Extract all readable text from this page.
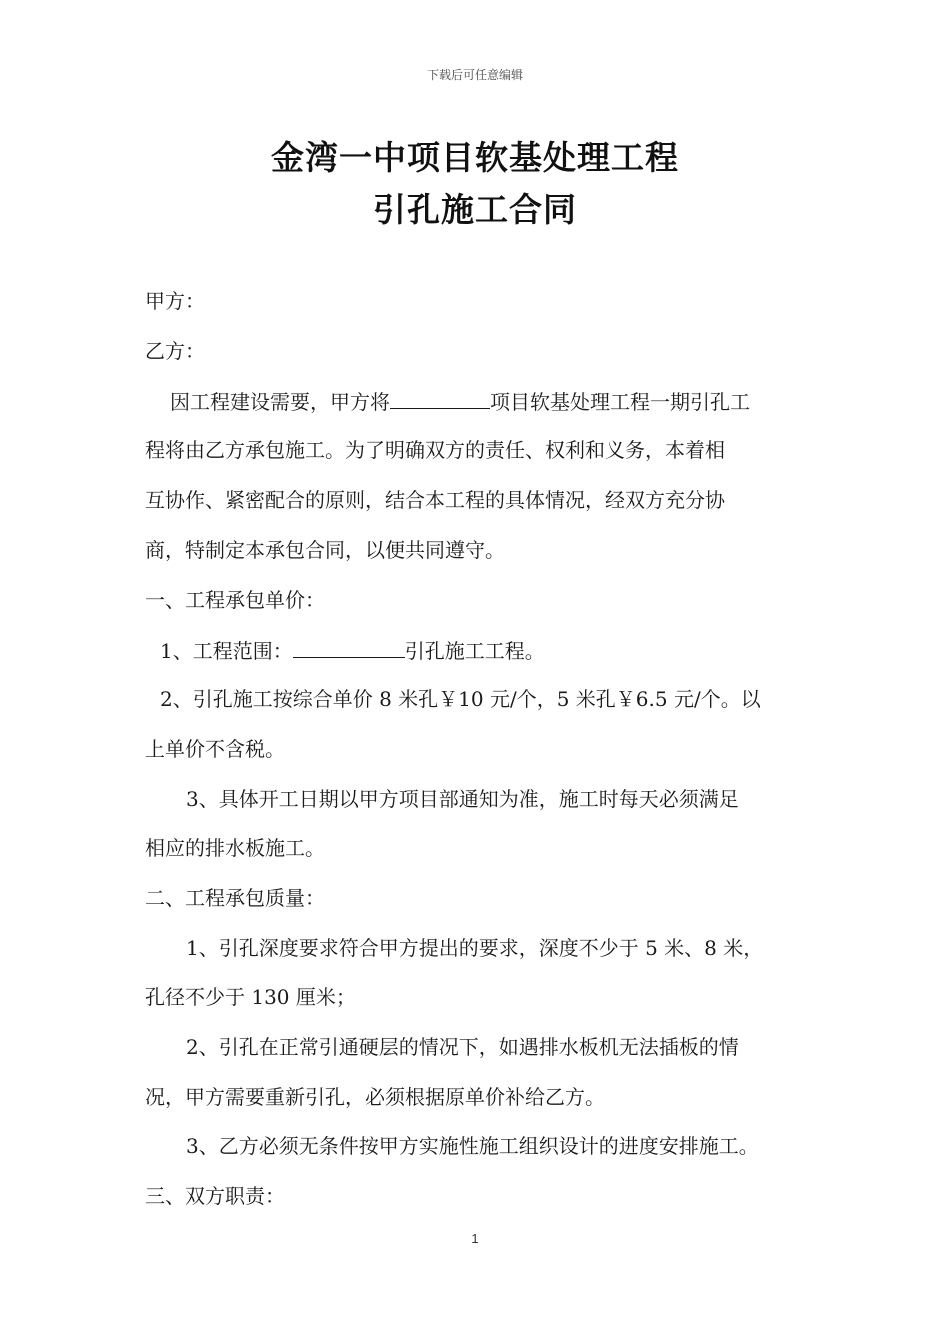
下载后可任意编辑
金湾一中项目软基处理工程
引孔施工合同
甲方：
乙方：
因工程建设需要，甲方将	项目软基处理工程一期引孔工
程将由乙方承包施工。为了明确双方的责任、权利和义务，本着相
互协作、紧密配合的原则，结合本工程的具体情况，经双方充分协
商，特制定本承包合同，以便共同遵守。
一、工程承包单价：
1、工程范围：	引孔施工工程。
2、引孔施工按综合单价 8 米孔￥10 元/个，5 米孔￥6.5 元/个。以
上单价不含税。
3、具体开工日期以甲方项目部通知为准，施工时每天必须满足
相应的排水板施工。
二、工程承包质量：
1、引孔深度要求符合甲方提出的要求，深度不少于 5 米、8 米，
孔径不少于 130 厘米；
2、引孔在正常引通硬层的情况下，如遇排水板机无法插板的情
况，甲方需要重新引孔，必须根据原单价补给乙方。
3、乙方必须无条件按甲方实施性施工组织设计的进度安排施工。
三、双方职责：
1
